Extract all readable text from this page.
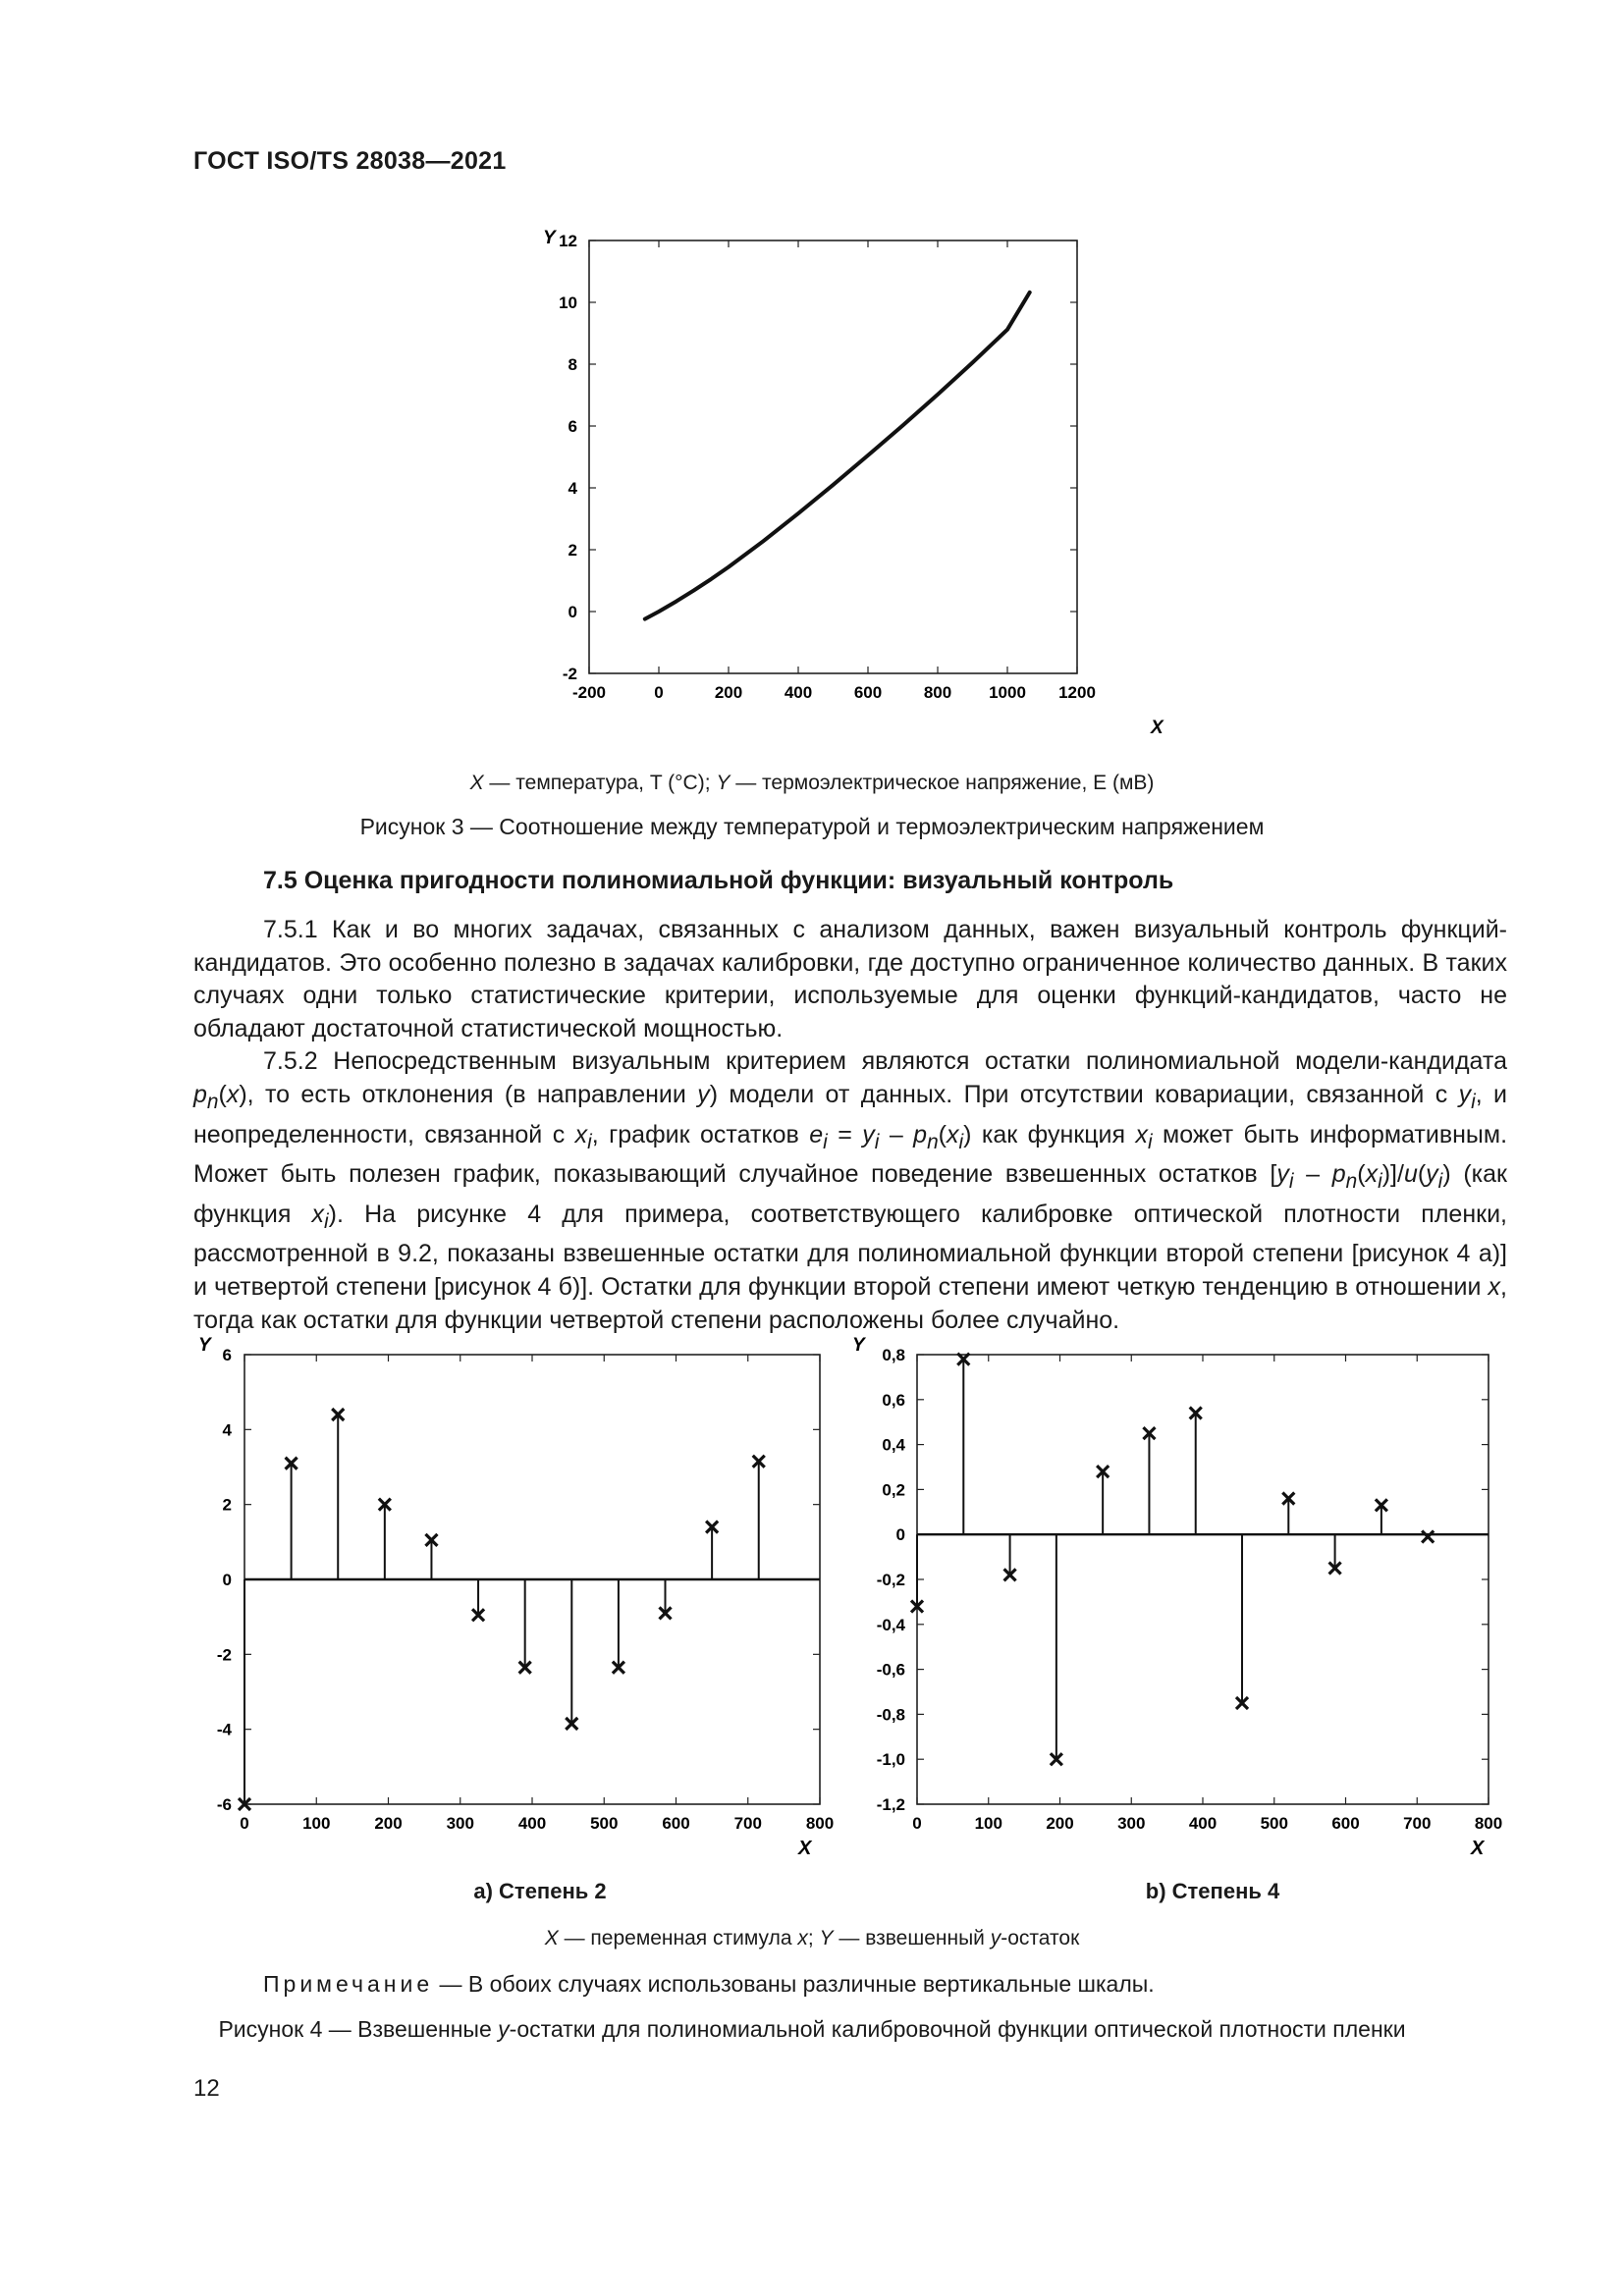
ГОСТ ISO/TS 28038—2021
Y
X
-200	0	200	400	600	800 1000 1200
-2
0
2
4
6
8
10
12
X — температура, T (°C); Y — термоэлектрическое напряжение, E (мВ)
Рисунок 3 — Соотношение между температурой и термоэлектрическим напряжением
7.5 Оценка пригодности полиномиальной функции: визуальный контроль

7.5.1 Как и во многих задачах, связанных с анализом данных, важен визуальный контроль функций-кандидатов. Это особенно полезно в задачах калибровки, где доступно ограниченное количество данных. В таких случаях одни только статистические критерии, используемые для оценки функций-кандидатов, часто не обладают достаточной статистической мощностью.

7.5.2 Непосредственным визуальным критерием являются остатки полиномиальной модели-кандидата $p_n(x)$, то есть отклонения (в направлении y) модели от данных. При отсутствии ковариации, связанной с $y_i$, и неопределенности, связанной с $x_i$, график остатков $e_i = y_i - p_n(x_i)$ как функция $x_i$ может быть информативным. Может быть полезен график, показывающий случайное поведение взвешенных остатков $[y_i - p_n(x_i)]/u(y_i)$ (как функция $x_i$). На рисунке 4 для примера, соответствующего калибровке оптической плотности пленки, рассмотренной в 9.2, показаны взвешенные остатки для полиномиальной функции второй степени [рисунок 4 а)] и четвертой степени [рисунок 4 б)]. Остатки для функции второй степени имеют четкую тенденцию в отношении x, тогда как остатки для функции четвертой степени расположены более случайно.

Y
X
0	100	200	300	400	500	600	700	800
-6
-4
-2
0
2
4
6	Y
X
0	100	200	300	400	500	600	700	800
-1,2
-1,0
-0,8
-0,6
-0,4
-0,2
0
0,2
0,4
0,6
0,8
a) Степень 2	b) Степень 4
X — переменная стимула x; Y — взвешенный y-остаток
Примечание — В обоих случаях использованы различные вертикальные шкалы.
Рисунок 4 — Взвешенные y-остатки для полиномиальной калибровочной функции оптической плотности пленки
12
